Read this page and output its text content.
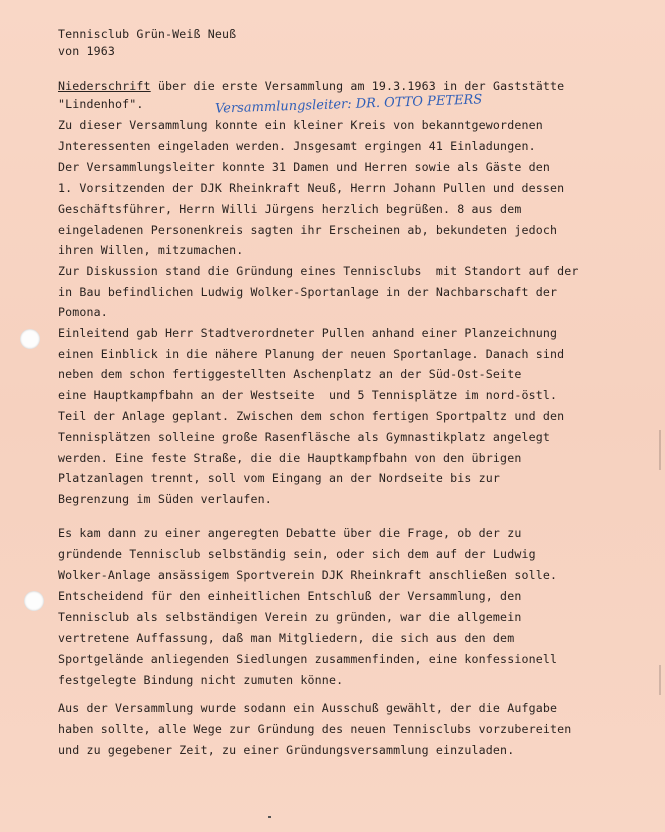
Tennisclub Grün-Weiß Neuß
von 1963
Niederschrift über die erste Versammlung am 19.3.1963 in der Gaststätte
"Lindenhof".	Versammlungsleiter: DR. OTTO PETERS
Zu dieser Versammlung konnte ein kleiner Kreis von bekanntgewordenen
Jnteressenten eingeladen werden. Jnsgesamt ergingen 41 Einladungen.
Der Versammlungsleiter konnte 31 Damen und Herren sowie als Gäste den
1. Vorsitzenden der DJK Rheinkraft Neuß, Herrn Johann Pullen und dessen
Geschäftsführer, Herrn Willi Jürgens herzlich begrüßen. 8 aus dem
eingeladenen Personenkreis sagten ihr Erscheinen ab, bekundeten jedoch
ihren Willen, mitzumachen.
Zur Diskussion stand die Gründung eines Tennisclubs  mit Standort auf der
in Bau befindlichen Ludwig Wolker-Sportanlage in der Nachbarschaft der
Pomona.
Einleitend gab Herr Stadtverordneter Pullen anhand einer Planzeichnung
einen Einblick in die nähere Planung der neuen Sportanlage. Danach sind
neben dem schon fertiggestellten Aschenplatz an der Süd-Ost-Seite
eine Hauptkampfbahn an der Westseite  und 5 Tennisplätze im nord-östl.
Teil der Anlage geplant. Zwischen dem schon fertigen Sportpaltz und den
Tennisplätzen solleine große Rasenfläsche als Gymnastikplatz angelegt
werden. Eine feste Straße, die die Hauptkampfbahn von den übrigen
Platzanlagen trennt, soll vom Eingang an der Nordseite bis zur
Begrenzung im Süden verlaufen.
Es kam dann zu einer angeregten Debatte über die Frage, ob der zu
gründende Tennisclub selbständig sein, oder sich dem auf der Ludwig
Wolker-Anlage ansässigem Sportverein DJK Rheinkraft anschließen solle.
Entscheidend für den einheitlichen Entschluß der Versammlung, den
Tennisclub als selbständigen Verein zu gründen, war die allgemein
vertretene Auffassung, daß man Mitgliedern, die sich aus den dem
Sportgelände anliegenden Siedlungen zusammenfinden, eine konfessionell
festgelegte Bindung nicht zumuten könne.
Aus der Versammlung wurde sodann ein Ausschuß gewählt, der die Aufgabe
haben sollte, alle Wege zur Gründung des neuen Tennisclubs vorzubereiten
und zu gegebener Zeit, zu einer Gründungsversammlung einzuladen.
